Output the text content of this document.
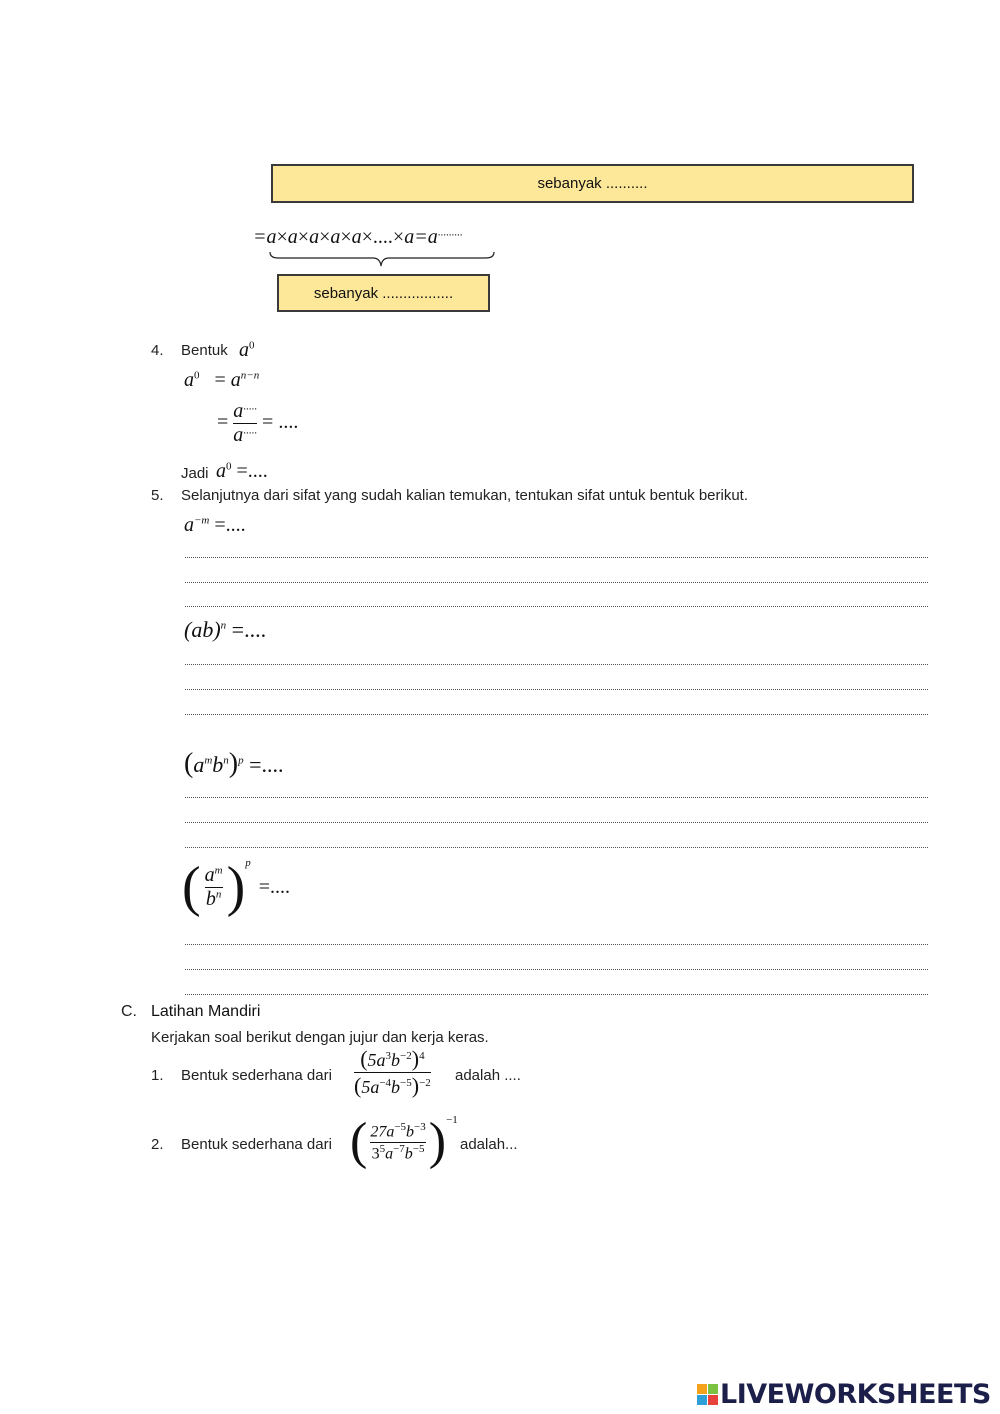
sebanyak
..........
=a×a×a×a×a×....×a=a.........
sebanyak
.................
4. Bentuk $a^0$
$a^0 = a^{n-n}$
= $\frac{a^{.....}}{a^{.....}}$ = ....
Jadi $a^0$ =....
5. Selanjutnya dari sifat yang sudah kalian temukan, tentukan sifat untuk bentuk berikut.
$a^{-m}$ =....
(ab)$^n$ =....
$(a^mb^n)^p$ =....
( $\frac{a^m}{b^n} )^p$
= ....
C. Latihan Mandiri
Kerjakan soal berikut dengan jujur dan kerja keras.
1. Bentuk sederhana dari $\frac{(5a^3b^{-2})^4}{(5a^{-4}b^{-5})^{-2}}$ adalah ....
2. Bentuk sederhana dari ( $\frac{27a^{-5}b^{-3}}{3^5a^{-7}b^{-5}} )^{-1}$
adalah...
LIVEWORKSHEETS
